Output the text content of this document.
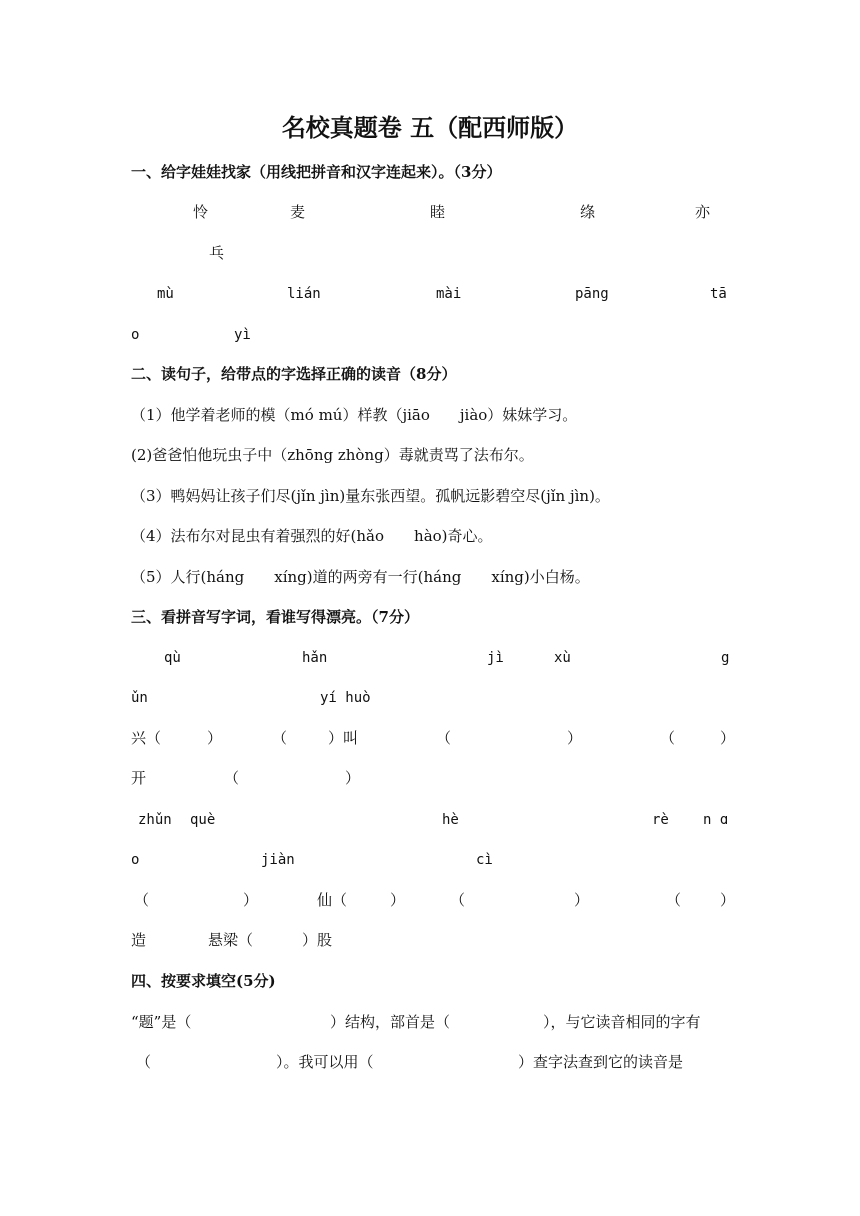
名校真题卷 五（配西师版）
一、给字娃娃找家（用线把拼音和汉字连起来）。（3分）
怜	麦	睦	绦	亦
乓
mù	lián	mài	pāng	tā
o	yì
二、读句子，给带点的字选择正确的读音（8分）
（1）他学着老师的模（mó mú）样教（jiāo　　jiào）妹妹学习。
(2)爸爸怕他玩虫子中（zhōng zhòng）毒就责骂了法布尔。
（3）鸭妈妈让孩子们尽(jǐn jìn)量东张西望。孤帆远影碧空尽(jǐn jìn)。
（4）法布尔对昆虫有着强烈的好(hǎo　　hào)奇心。
（5）人行(háng　　xíng)道的两旁有一行(háng　　xíng)小白杨。
三、看拼音写字词，看谁写得漂亮。（7分）
qù	hǎn	jì	xù	g
ǔn	yí huò
兴（	）	（	）叫	（	）	（	）
开	（	）
zhǔn què	hè	rè n ɑ
o	jiàn	cì
（	）	仙（	）	（	）	（	）
造	悬梁（	）股
四、按要求填空(5分)
“题”是（	）结构，部首是（	），与它读音相同的字有
（	）。我可以用（	）查字法查到它的读音是
